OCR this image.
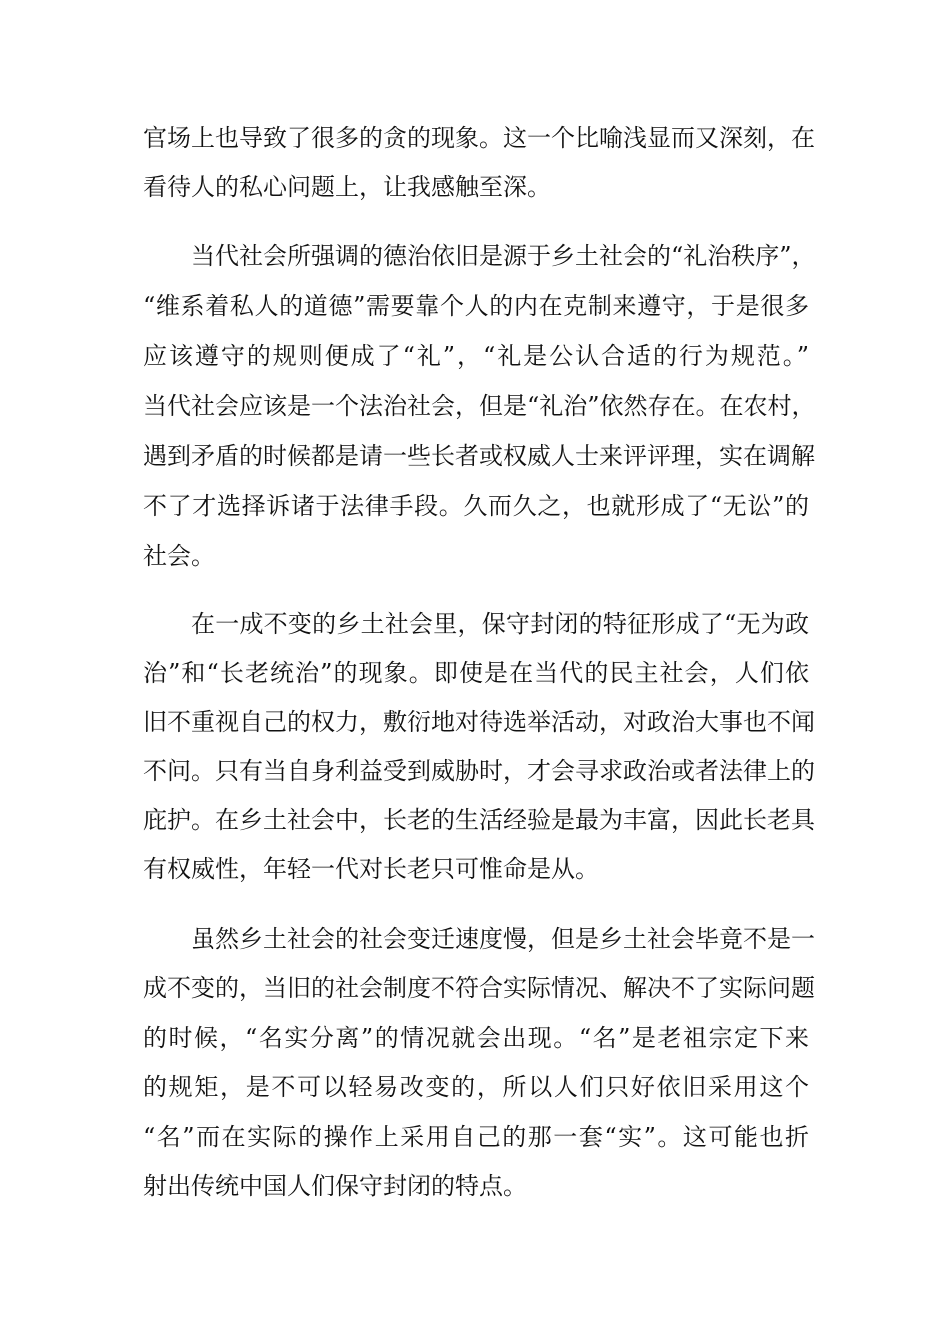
官场上也导致了很多的贪的现象。这一个比喻浅显而又深刻，在
看待人的私心问题上，让我感触至深。
当代社会所强调的德治依旧是源于乡土社会的“礼治秩序”，
“维系着私人的道德”需要靠个人的内在克制来遵守，于是很多
应该遵守的规则便成了“礼”，“礼是公认合适的行为规范。”
当代社会应该是一个法治社会，但是“礼治”依然存在。在农村，
遇到矛盾的时候都是请一些长者或权威人士来评评理，实在调解
不了才选择诉诸于法律手段。久而久之，也就形成了“无讼”的
社会。
在一成不变的乡土社会里，保守封闭的特征形成了“无为政
治”和“长老统治”的现象。即使是在当代的民主社会，人们依
旧不重视自己的权力，敷衍地对待选举活动，对政治大事也不闻
不问。只有当自身利益受到威胁时，才会寻求政治或者法律上的
庇护。在乡土社会中，长老的生活经验是最为丰富，因此长老具
有权威性，年轻一代对长老只可惟命是从。
虽然乡土社会的社会变迁速度慢，但是乡土社会毕竟不是一
成不变的，当旧的社会制度不符合实际情况、解决不了实际问题
的时候，“名实分离”的情况就会出现。“名”是老祖宗定下来
的规矩，是不可以轻易改变的，所以人们只好依旧采用这个
“名”而在实际的操作上采用自己的那一套“实”。这可能也折
射出传统中国人们保守封闭的特点。
